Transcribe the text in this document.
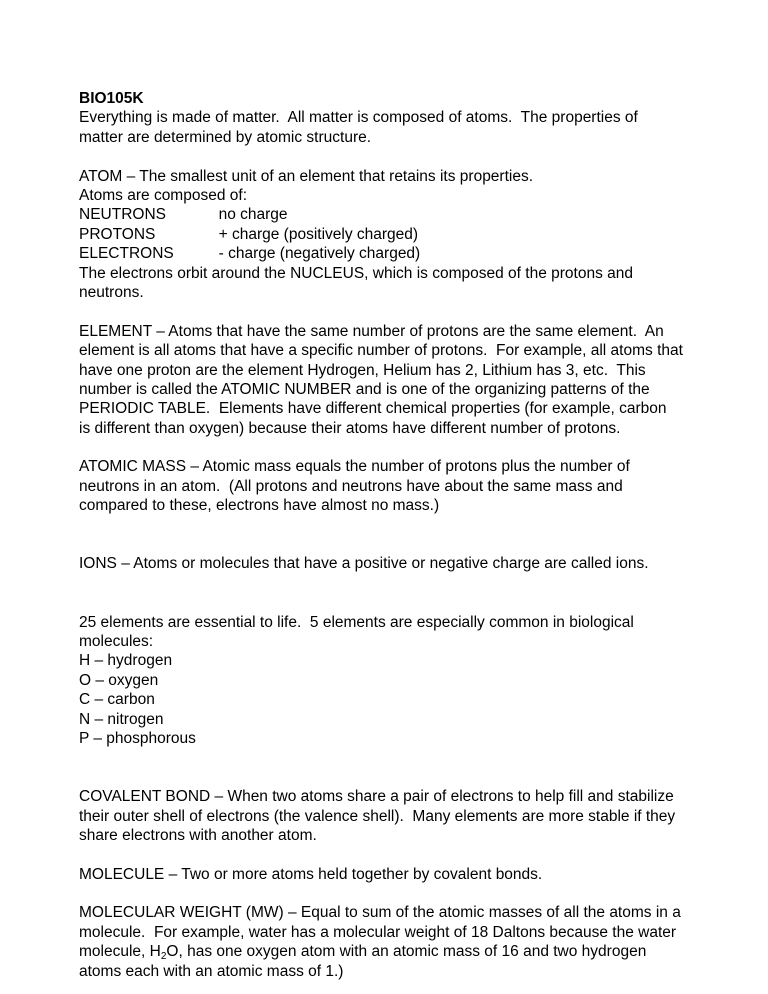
BIO105K
Everything is made of matter.  All matter is composed of atoms.  The properties of
matter are determined by atomic structure.
ATOM – The smallest unit of an element that retains its properties.
Atoms are composed of:
NEUTRONS	no charge
PROTONS	+ charge (positively charged)
ELECTRONS	- charge (negatively charged)
The electrons orbit around the NUCLEUS, which is composed of the protons and
neutrons.
ELEMENT – Atoms that have the same number of protons are the same element.  An
element is all atoms that have a specific number of protons.  For example, all atoms that
have one proton are the element Hydrogen, Helium has 2, Lithium has 3, etc.  This
number is called the ATOMIC NUMBER and is one of the organizing patterns of the
PERIODIC TABLE.  Elements have different chemical properties (for example, carbon
is different than oxygen) because their atoms have different number of protons.
ATOMIC MASS – Atomic mass equals the number of protons plus the number of
neutrons in an atom.  (All protons and neutrons have about the same mass and
compared to these, electrons have almost no mass.)
IONS – Atoms or molecules that have a positive or negative charge are called ions.
25 elements are essential to life.  5 elements are especially common in biological
molecules:
H – hydrogen
O – oxygen
C – carbon
N – nitrogen
P – phosphorous
COVALENT BOND – When two atoms share a pair of electrons to help fill and stabilize
their outer shell of electrons (the valence shell).  Many elements are more stable if they
share electrons with another atom.
MOLECULE – Two or more atoms held together by covalent bonds.
MOLECULAR WEIGHT (MW) – Equal to sum of the atomic masses of all the atoms in a
molecule.  For example, water has a molecular weight of 18 Daltons because the water
molecule, $H_2O$, has one oxygen atom with an atomic mass of 16 and two hydrogen
atoms each with an atomic mass of 1.)
